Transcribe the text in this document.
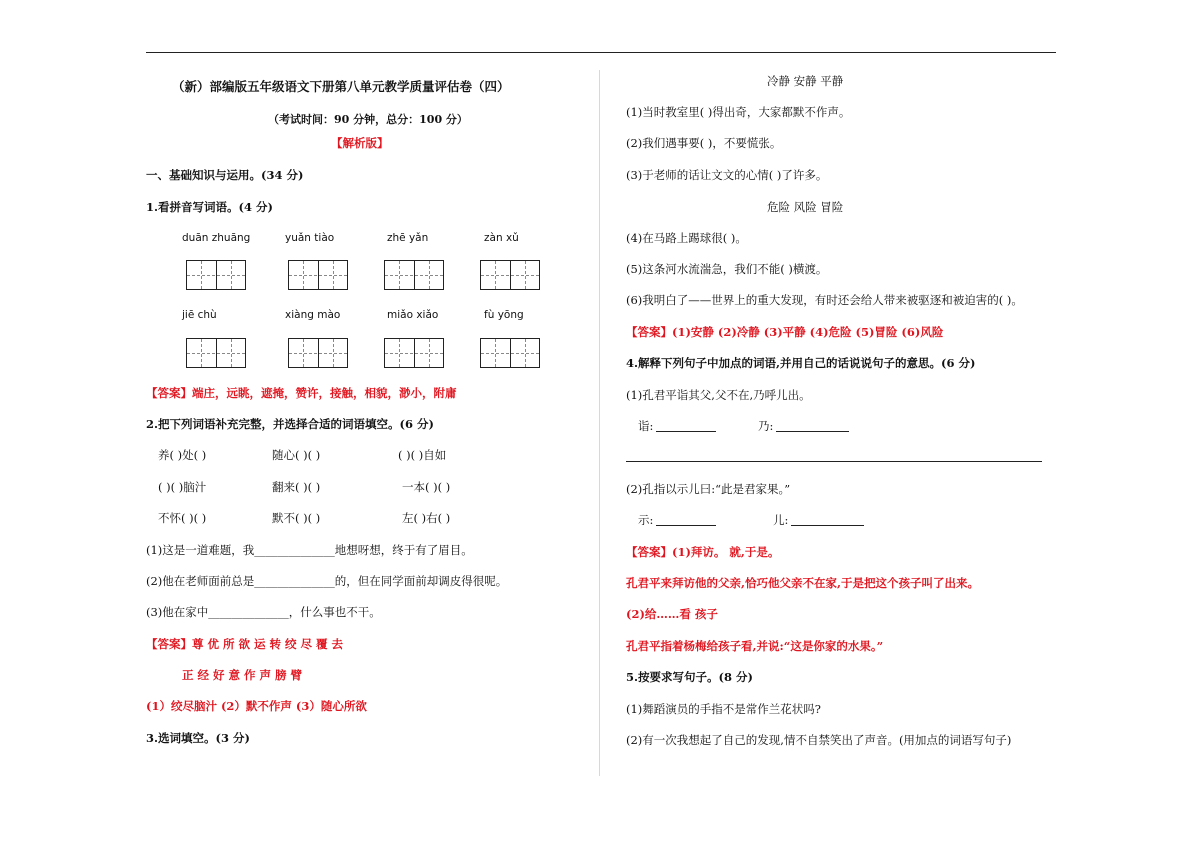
（新）部编版五年级语文下册第八单元教学质量评估卷（四）
（考试时间：90 分钟，总分：100 分）
【解析版】
一、基础知识与运用。(34 分)
1.看拼音写词语。(4 分)
duān zhuāng	yuǎn tiào	zhē yǎn	zàn xǔ
jiē chù	xiàng mào	miǎo xiǎo	fù yōng
【答案】端庄，远眺，遮掩，赞许，接触，相貌，渺小，附庸
2.把下列词语补充完整，并选择合适的词语填空。(6 分)
养( )处( )	随心( )( )	( )( )自如
( )( )脑汁	翻来( )( )	一本( )( )
不怀( )( )	默不( )( )	左( )右( )
(1)这是一道难题，我______________地想呀想，终于有了眉目。
(2)他在老师面前总是______________的，但在同学面前却调皮得很呢。
(3)他在家中______________，什么事也不干。
【答案】尊 优 所 欲 运 转 绞 尽 覆 去
正 经 好 意 作 声 膀 臂
(1）绞尽脑汁 (2）默不作声 (3）随心所欲
3.选词填空。(3 分)
冷静 安静 平静
(1)当时教室里( )得出奇，大家都默不作声。
(2)我们遇事要( )，不要慌张。
(3)于老师的话让文文的心情( )了许多。
危险 风险 冒险
(4)在马路上踢球很( )。
(5)这条河水流湍急，我们不能( )横渡。
(6)我明白了——世界上的重大发现，有时还会给人带来被驱逐和被迫害的( )。
【答案】(1)安静 (2)冷静 (3)平静 (4)危险 (5)冒险 (6)风险
4.解释下列句子中加点的词语,并用自己的话说说句子的意思。(6 分)
(1)孔君平诣其父,父不在,乃呼儿出。
诣:	乃:
(2)孔指以示儿曰:“此是君家果。”
示:	儿:
【答案】(1)拜访。 就,于是。
孔君平来拜访他的父亲,恰巧他父亲不在家,于是把这个孩子叫了出来。
(2)给……看 孩子
孔君平指着杨梅给孩子看,并说:“这是你家的水果。”
5.按要求写句子。(8 分)
(1)舞蹈演员的手指不是常作兰花状吗?
(2)有一次我想起了自己的发现,情不自禁笑出了声音。(用加点的词语写句子)
